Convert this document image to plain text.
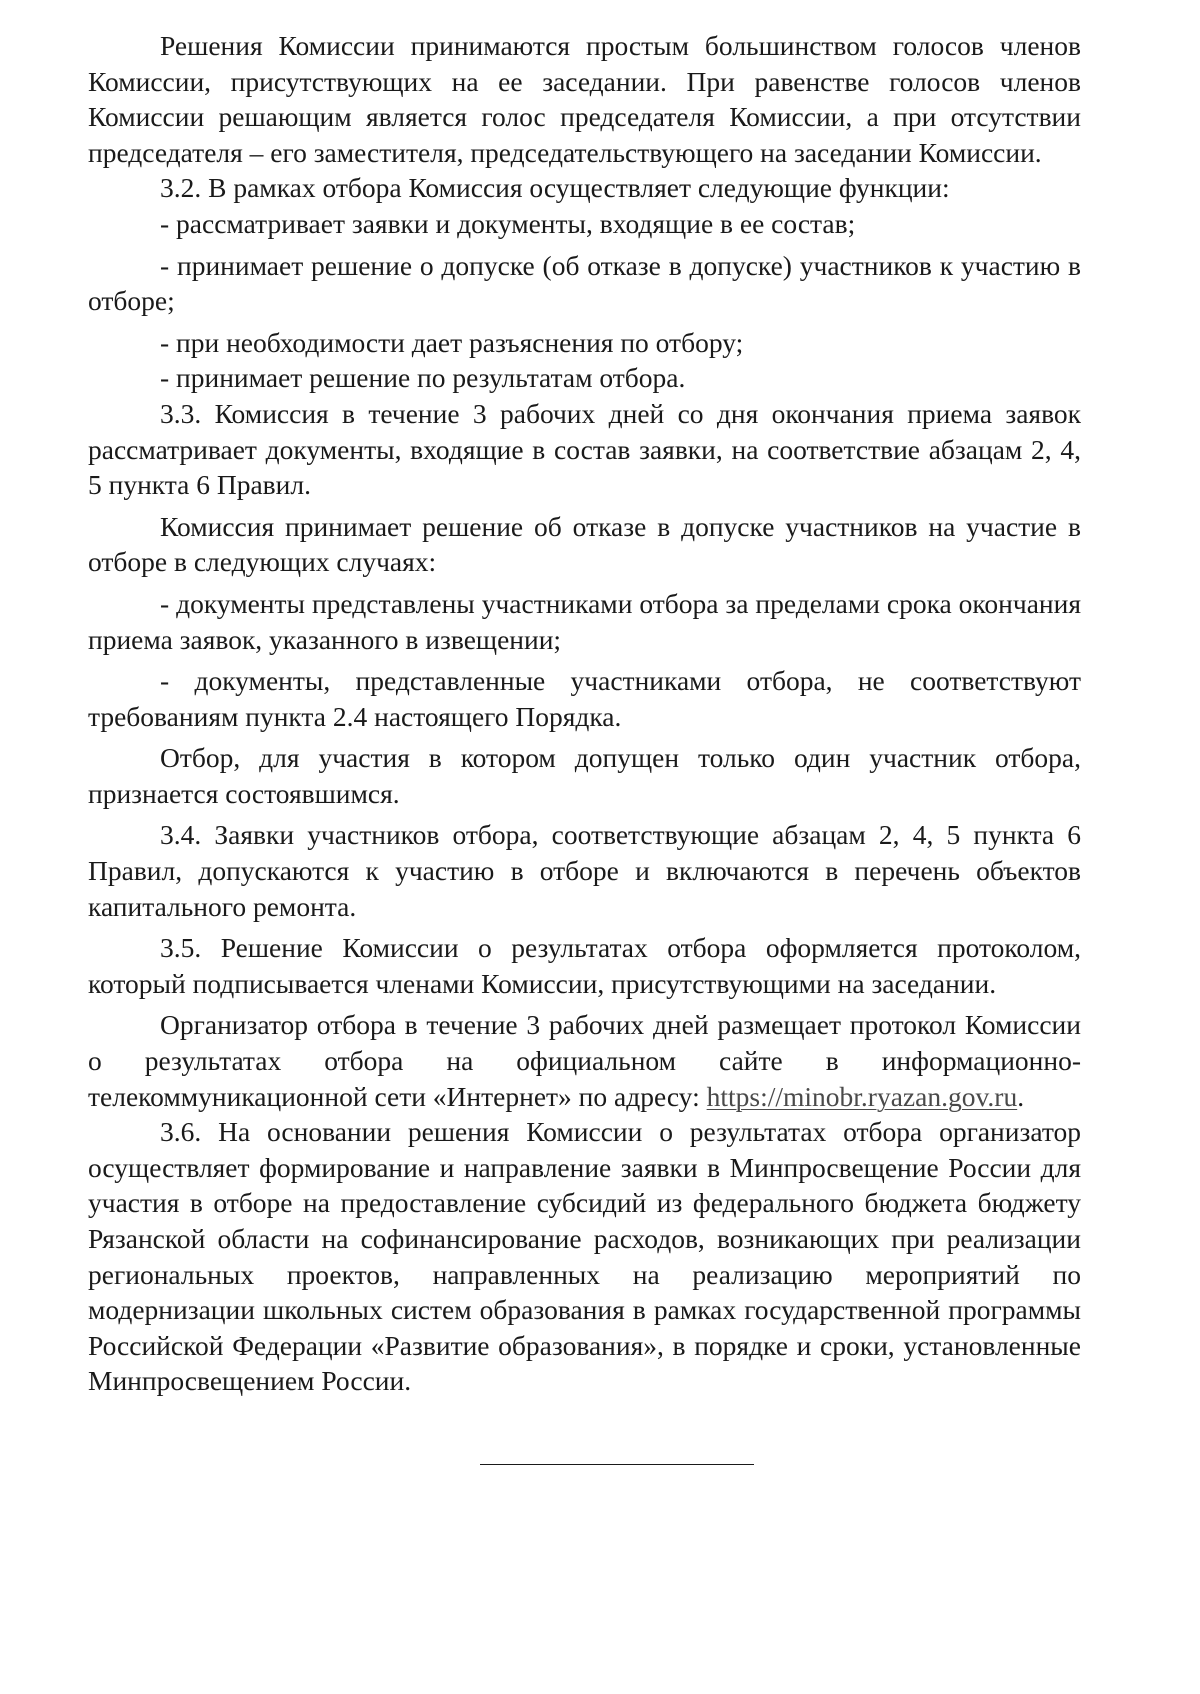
Решения Комиссии принимаются простым большинством голосов членов Комиссии, присутствующих на ее заседании. При равенстве голосов членов Комиссии решающим является голос председателя Комиссии, а при отсутствии председателя – его заместителя, председательствующего на заседании Комиссии.

3.2. В рамках отбора Комиссия осуществляет следующие функции:

- рассматривает заявки и документы, входящие в ее состав;

- принимает решение о допуске (об отказе в допуске) участников к участию в отборе;

- при необходимости дает разъяснения по отбору;

- принимает решение по результатам отбора.

3.3. Комиссия в течение 3 рабочих дней со дня окончания приема заявок рассматривает документы, входящие в состав заявки, на соответствие абзацам 2, 4, 5 пункта 6 Правил.

Комиссия принимает решение об отказе в допуске участников на участие в отборе в следующих случаях:

- документы представлены участниками отбора за пределами срока окончания приема заявок, указанного в извещении;

- документы, представленные участниками отбора, не соответствуют требованиям пункта 2.4 настоящего Порядка.

Отбор, для участия в котором допущен только один участник отбора, признается состоявшимся.

3.4. Заявки участников отбора, соответствующие абзацам 2, 4, 5 пункта 6 Правил, допускаются к участию в отборе и включаются в перечень объектов капитального ремонта.

3.5. Решение Комиссии о результатах отбора оформляется протоколом, который подписывается членами Комиссии, присутствующими на заседании.

Организатор отбора в течение 3 рабочих дней размещает протокол Комиссии о результатах отбора на официальном сайте в информационно-телекоммуникационной сети «Интернет» по адресу: https://minobr.ryazan.gov.ru.

3.6. На основании решения Комиссии о результатах отбора организатор осуществляет формирование и направление заявки в Минпросвещение России для участия в отборе на предоставление субсидий из федерального бюджета бюджету Рязанской области на софинансирование расходов, возникающих при реализации региональных проектов, направленных на реализацию мероприятий по модернизации школьных систем образования в рамках государственной программы Российской Федерации «Развитие образования», в порядке и сроки, установленные Минпросвещением России.
